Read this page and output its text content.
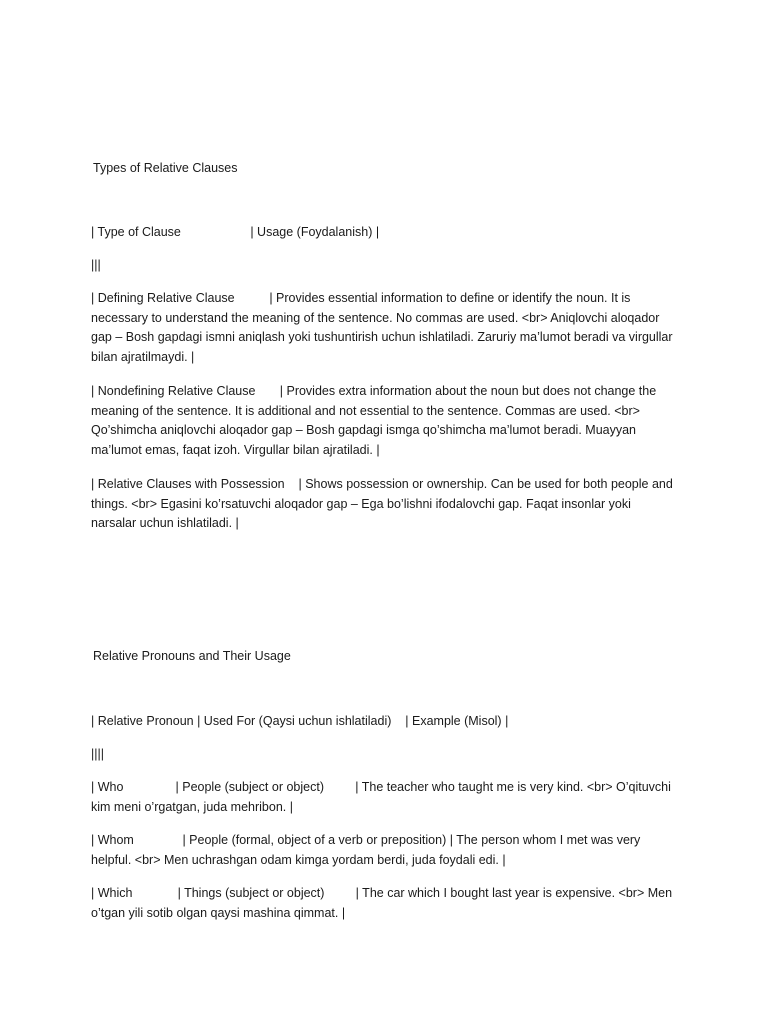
Types of Relative Clauses
| Type of Clause                    | Usage (Foydalanish) |
|||
| Defining Relative Clause          | Provides essential information to define or identify the noun. It is necessary to understand the meaning of the sentence. No commas are used. <br> Aniqlovchi aloqador gap – Bosh gapdagi ismni aniqlash yoki tushuntirish uchun ishlatiladi. Zaruriy ma’lumot beradi va virgullar bilan ajratilmaydi. |
| Nondefining Relative Clause       | Provides extra information about the noun but does not change the meaning of the sentence. It is additional and not essential to the sentence. Commas are used. <br> Qo’shimcha aniqlovchi aloqador gap – Bosh gapdagi ismga qo’shimcha ma’lumot beradi. Muayyan ma’lumot emas, faqat izoh. Virgullar bilan ajratiladi. |
| Relative Clauses with Possession    | Shows possession or ownership. Can be used for both people and things. <br> Egasini ko’rsatuvchi aloqador gap – Ega bo’lishni ifodalovchi gap. Faqat insonlar yoki narsalar uchun ishlatiladi. |
Relative Pronouns and Their Usage
| Relative Pronoun | Used For (Qaysi uchun ishlatiladi)    | Example (Misol) |
||||
| Who               | People (subject or object)         | The teacher who taught me is very kind. <br> O’qituvchi kim meni o’rgatgan, juda mehribon. |
| Whom              | People (formal, object of a verb or preposition) | The person whom I met was very helpful. <br> Men uchrashgan odam kimga yordam berdi, juda foydali edi. |
| Which             | Things (subject or object)         | The car which I bought last year is expensive. <br> Men o’tgan yili sotib olgan qaysi mashina qimmat. |
